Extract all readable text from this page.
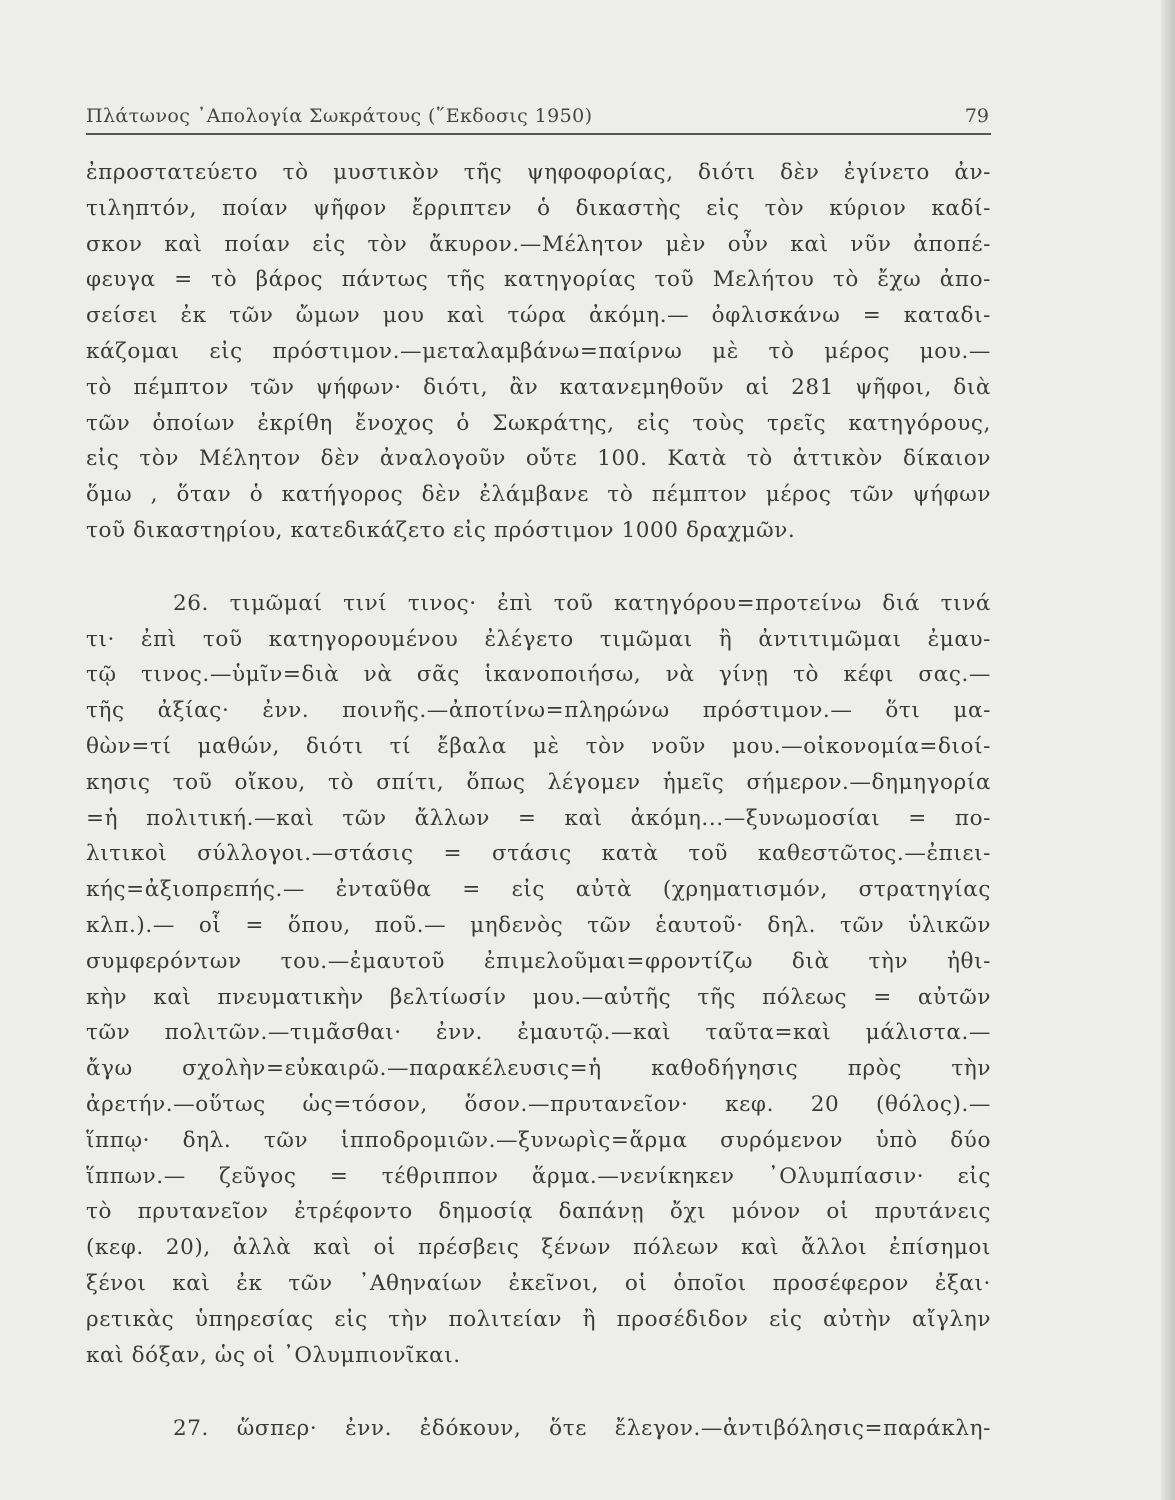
Πλάτωνος ᾿Απολογία Σωκράτους (῞Εκδοσις 1950)	79
ἐπροστατεύετο τὸ μυστικὸν τῆς ψηφοφορίας, διότι δὲν ἐγίνετο ἀν-
τιληπτόν, ποίαν ψῆφον ἔρριπτεν ὁ δικαστὴς εἰς τὸν κύριον καδί-
σκον καὶ ποίαν εἰς τὸν ἄκυρον.—Μέλητον μὲν οὖν καὶ νῦν ἀποπέ-
φευγα = τὸ βάρος πάντως τῆς κατηγορίας τοῦ Μελήτου τὸ ἔχω ἀπο-
σείσει ἐκ τῶν ὤμων μου καὶ τώρα ἀκόμη.— ὀφλισκάνω = καταδι-
κάζομαι εἰς πρόστιμον.—μεταλαμβάνω=παίρνω μὲ τὸ μέρος μου.—
τὸ πέμπτον τῶν ψήφων· διότι, ἂν κατανεμηθοῦν αἱ 281 ψῆφοι, διὰ
τῶν ὁποίων ἐκρίθη ἔνοχος ὁ Σωκράτης, εἰς τοὺς τρεῖς κατηγόρους,
εἰς τὸν Μέλητον δὲν ἀναλογοῦν οὔτε 100. Κατὰ τὸ ἀττικὸν δίκαιον
ὅμω , ὅταν ὁ κατήγορος δὲν ἐλάμβανε τὸ πέμπτον μέρος τῶν ψήφων
τοῦ δικαστηρίου, κατεδικάζετο εἰς πρόστιμον 1000 δραχμῶν.
26. τιμῶμαί τινί τινος· ἐπὶ τοῦ κατηγόρου=προτείνω διά τινά
τι· ἐπὶ τοῦ κατηγορουμένου ἐλέγετο τιμῶμαι ἢ ἀντιτιμῶμαι ἐμαυ-
τῷ τινος.—ὑμῖν=διὰ νὰ σᾶς ἱκανοποιήσω, νὰ γίνῃ τὸ κέφι σας.—
τῆς ἀξίας· ἐνν. ποινῆς.—ἀποτίνω=πληρώνω πρόστιμον.— ὅτι μα-
θὼν=τί μαθών, διότι τί ἔβαλα μὲ τὸν νοῦν μου.—οἰκονομία=διοί-
κησις τοῦ οἴκου, τὸ σπίτι, ὅπως λέγομεν ἡμεῖς σήμερον.—δημηγορία
=ἡ πολιτική.—καὶ τῶν ἄλλων = καὶ ἀκόμη...—ξυνωμοσίαι = πο-
λιτικοὶ σύλλογοι.—στάσις = στάσις κατὰ τοῦ καθεστῶτος.—ἐπιει-
κής=ἀξιοπρεπής.— ἐνταῦθα = εἰς αὐτὰ (χρηματισμόν, στρατηγίας
κλπ.).— οἷ = ὅπου, ποῦ.— μηδενὸς τῶν ἑαυτοῦ· δηλ. τῶν ὑλικῶν
συμφερόντων του.—ἐμαυτοῦ ἐπιμελοῦμαι=φροντίζω διὰ τὴν ἠθι-
κὴν καὶ πνευματικὴν βελτίωσίν μου.—αὐτῆς τῆς πόλεως = αὐτῶν
τῶν πολιτῶν.—τιμᾶσθαι· ἐνν. ἐμαυτῷ.—καὶ ταῦτα=καὶ μάλιστα.—
ἄγω σχολὴν=εὐκαιρῶ.—παρακέλευσις=ἡ καθοδήγησις πρὸς τὴν
ἀρετήν.—οὕτως ὡς=τόσον, ὅσον.—πρυτανεῖον· κεφ. 20 (θόλος).—
ἵππῳ· δηλ. τῶν ἱπποδρομιῶν.—ξυνωρὶς=ἅρμα συρόμενον ὑπὸ δύο
ἵππων.— ζεῦγος = τέθριππον ἅρμα.—νενίκηκεν ᾿Ολυμπίασιν· εἰς
τὸ πρυτανεῖον ἐτρέφοντο δημοσίᾳ δαπάνῃ ὄχι μόνον οἱ πρυτάνεις
(κεφ. 20), ἀλλὰ καὶ οἱ πρέσβεις ξένων πόλεων καὶ ἄλλοι ἐπίσημοι
ξένοι καὶ ἐκ τῶν ᾿Αθηναίων ἐκεῖνοι, οἱ ὁποῖοι προσέφερον ἐξαι·
ρετικὰς ὑπηρεσίας εἰς τὴν πολιτείαν ἢ προσέδιδον εἰς αὐτὴν αἴγλην
καὶ δόξαν, ὡς οἱ ᾿Ολυμπιονῖκαι.
27. ὥσπερ· ἐνν. ἐδόκουν, ὅτε ἔλεγον.—ἀντιβόλησις=παράκλη-
